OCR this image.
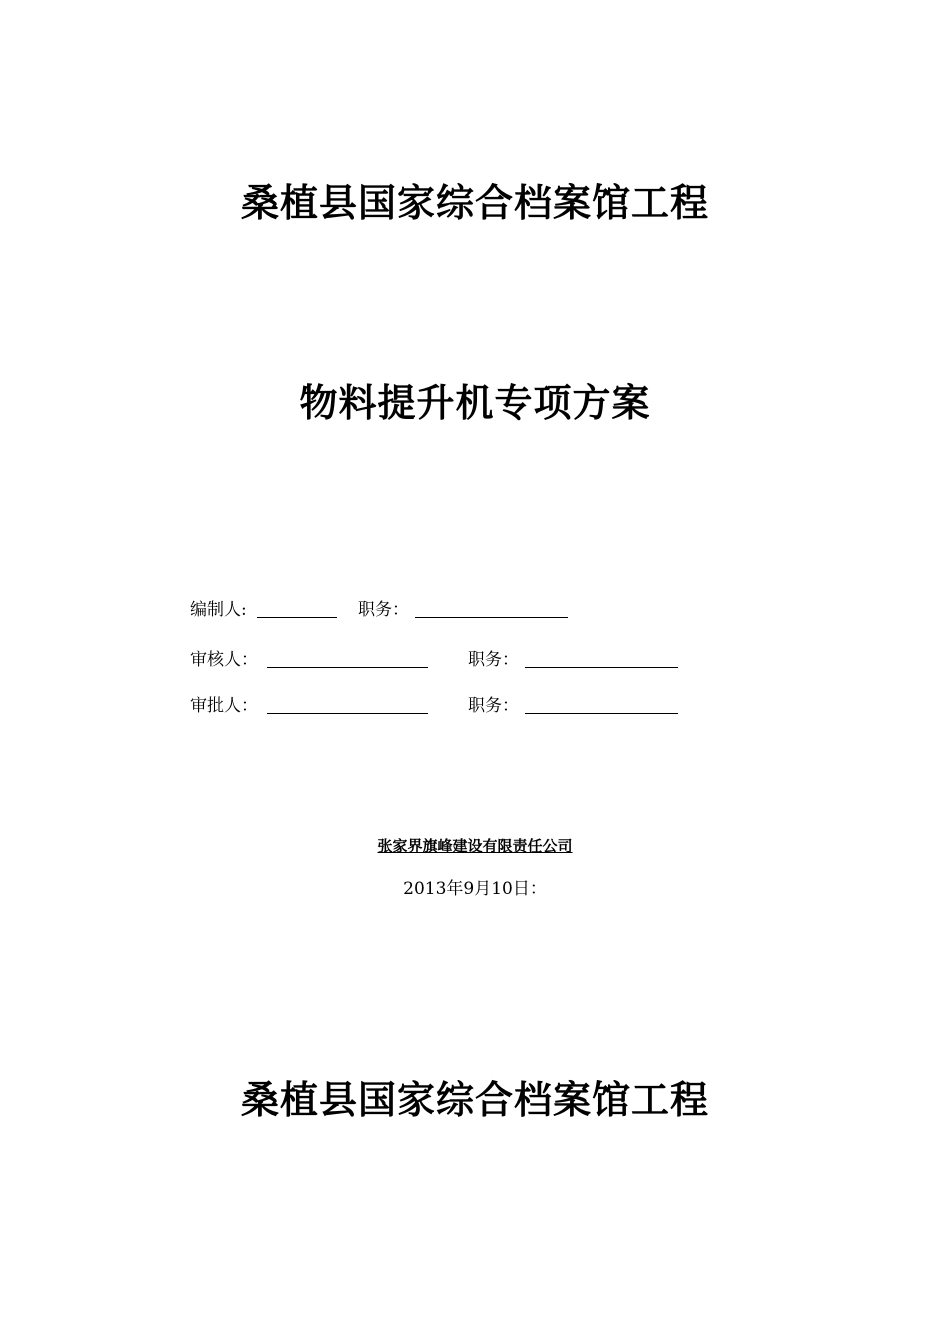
桑植县国家综合档案馆工程
物料提升机专项方案
编制人:	职务：
审核人：	职务：
审批人：	职务：
张家界旗峰建设有限责任公司
2013年9月10日：
桑植县国家综合档案馆工程
